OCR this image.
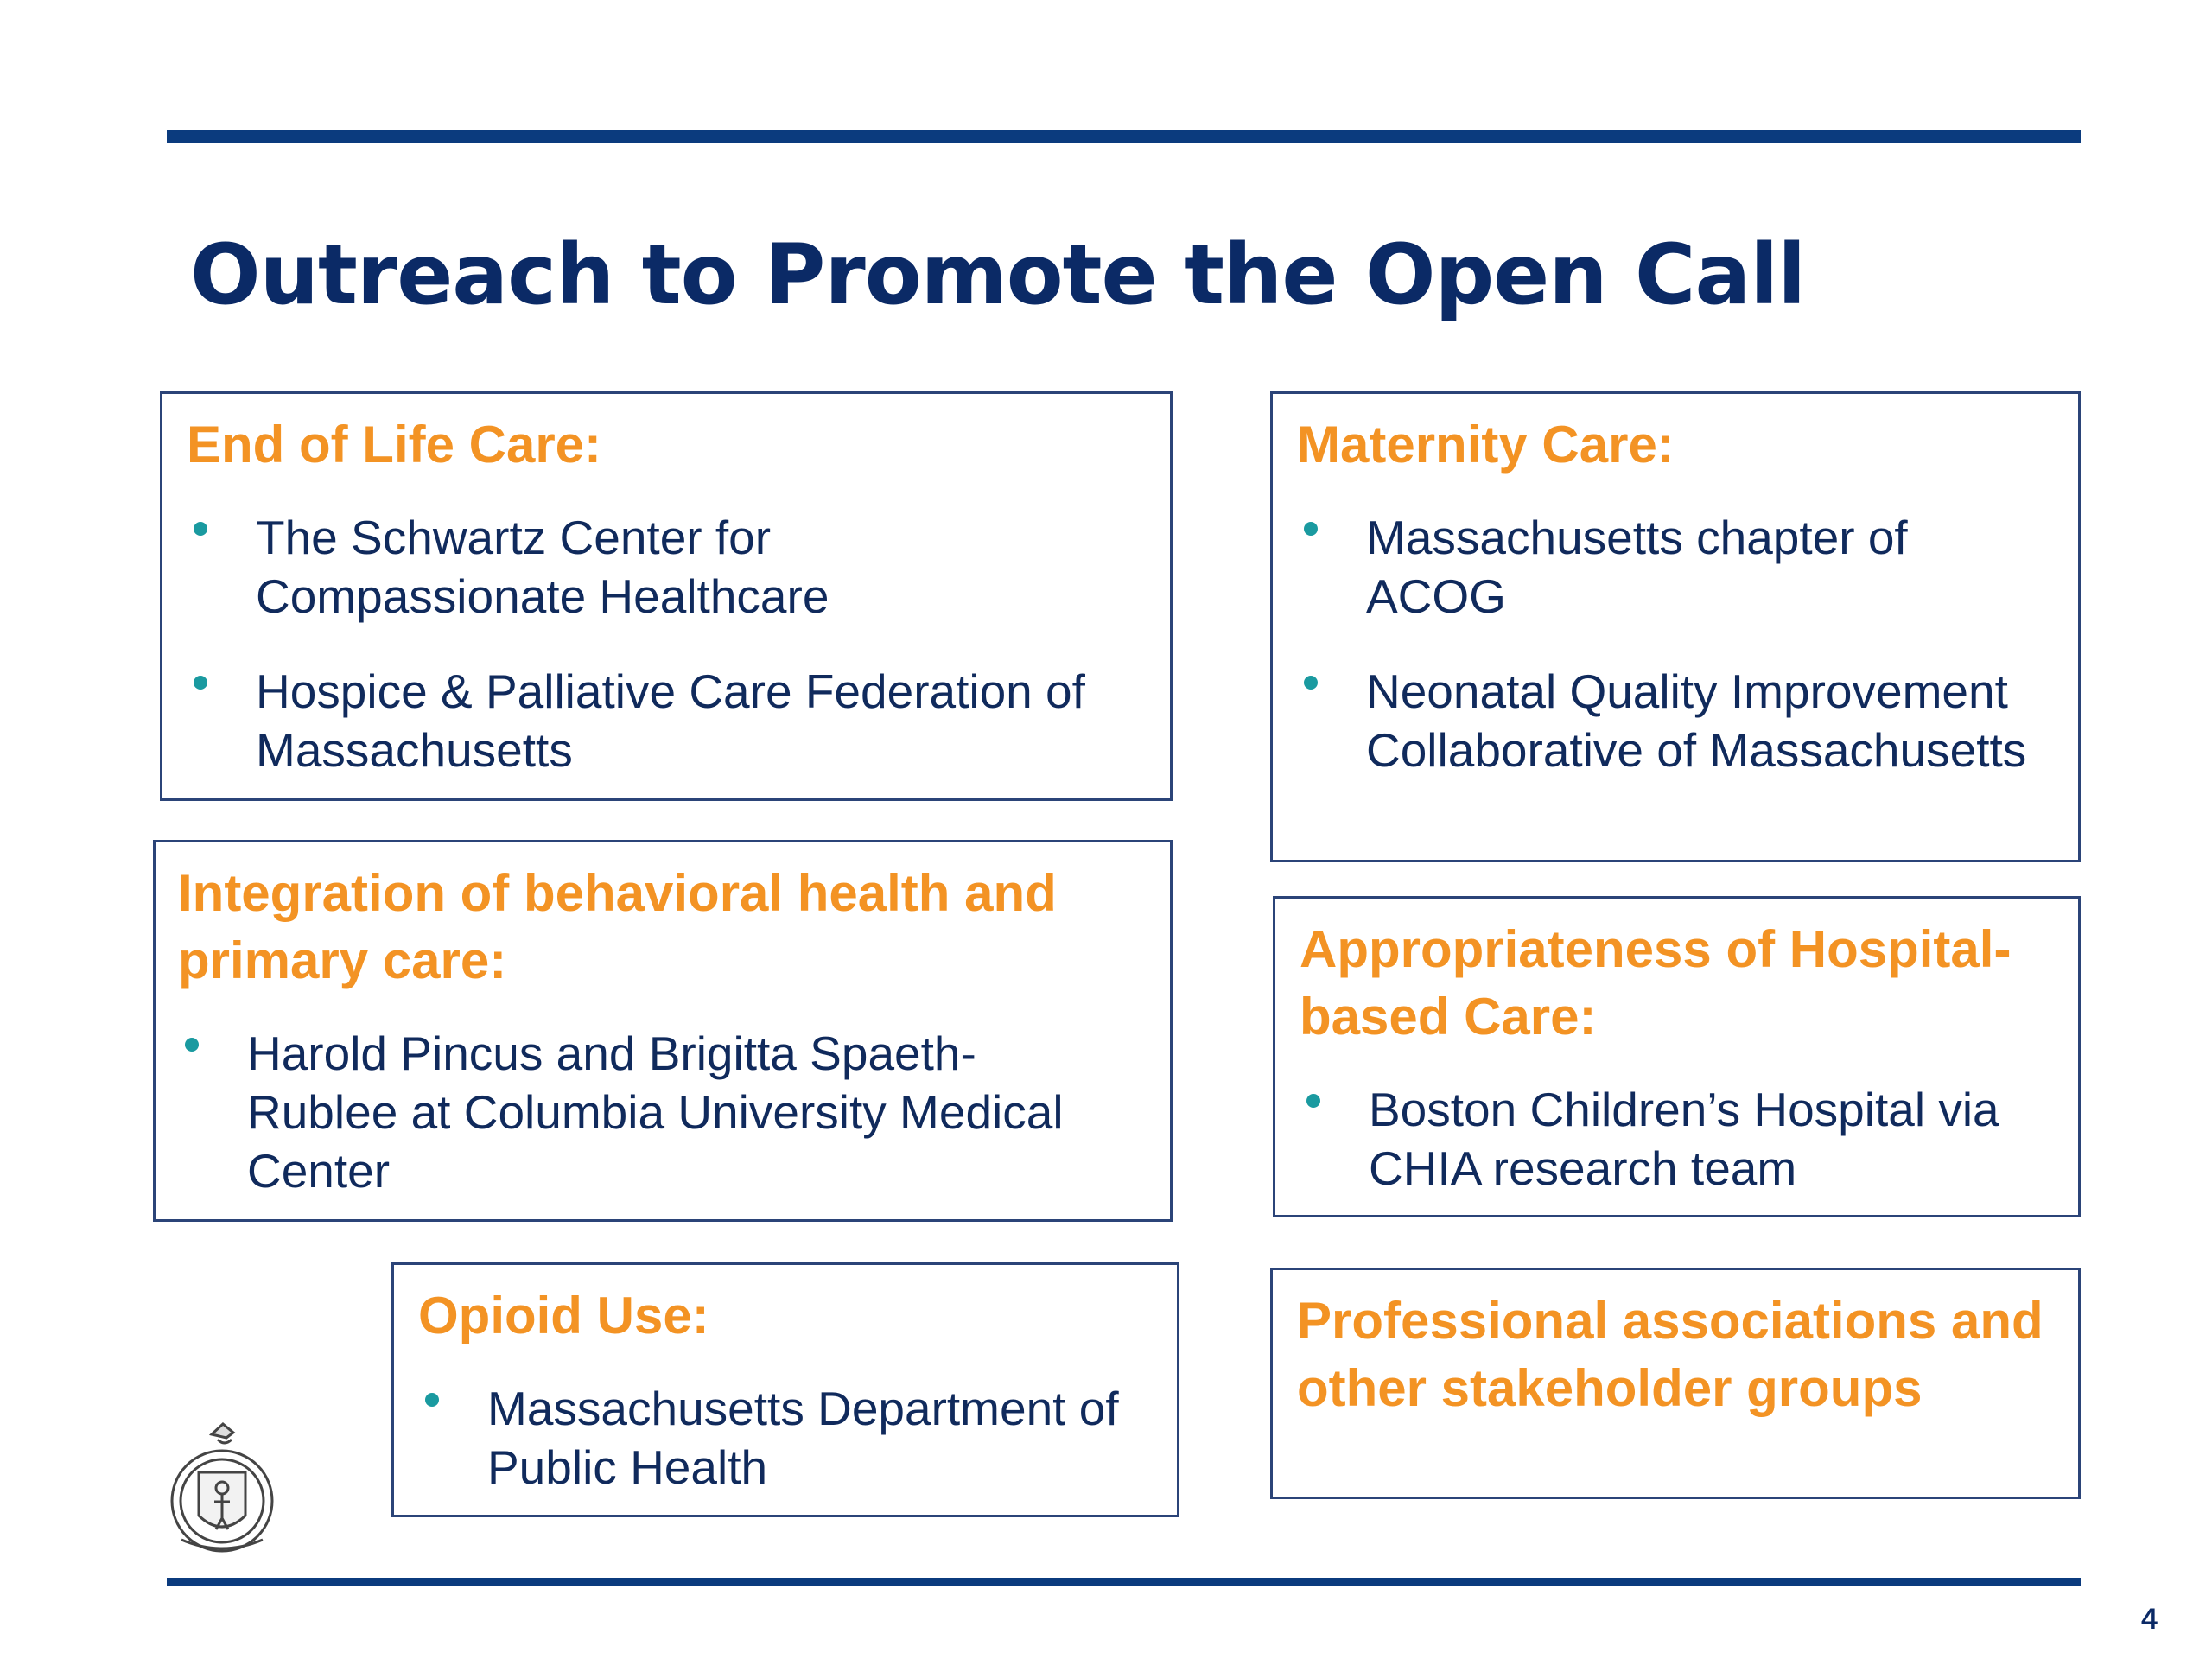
Outreach to Promote the Open Call
End of Life Care:
The Schwartz Center for Compassionate Healthcare
Hospice & Palliative Care Federation of Massachusetts
Maternity Care:
Massachusetts chapter of ACOG
Neonatal Quality Improvement Collaborative of Massachusetts
Integration of behavioral health and primary care:
Harold Pincus and Brigitta Spaeth-Rublee at Columbia University Medical Center
Appropriateness of Hospital-based Care:
Boston Children’s Hospital via CHIA research team
Opioid Use:
Massachusetts Department of Public Health
Professional associations and other stakeholder groups
4
